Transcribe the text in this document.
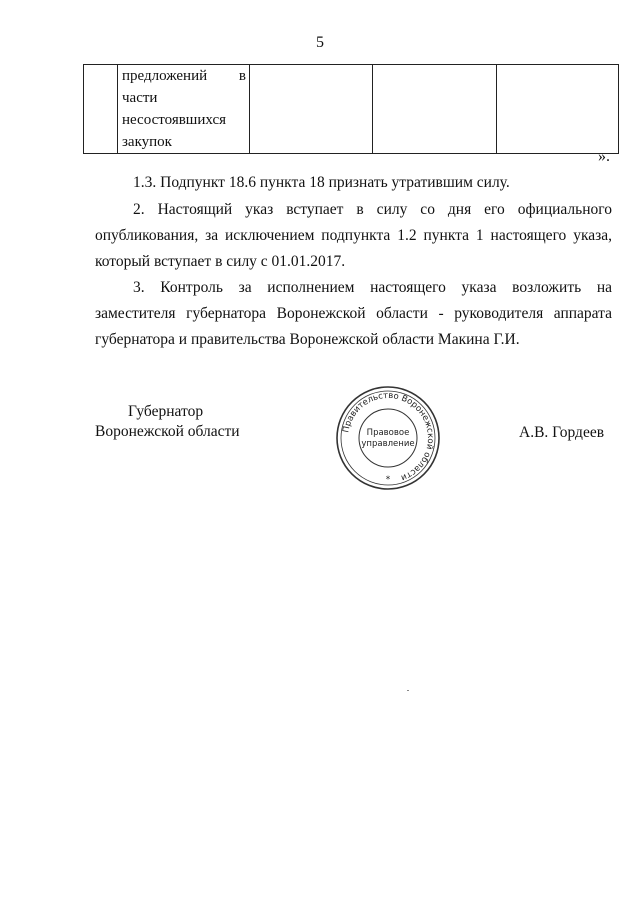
5

предложений в
части
несостоявшихся
закупок

».

1.3. Подпункт 18.6 пункта 18 признать утратившим силу.

2. Настоящий указ вступает в силу со дня его официального опубликования, за исключением подпункта 1.2 пункта 1 настоящего указа, который вступает в силу с 01.01.2017.

3. Контроль за исполнением настоящего указа возложить на заместителя губернатора Воронежской области - руководителя аппарата губернатора и правительства Воронежской области Макина Г.И.

Губернатор
Воронежской области	Правительство Воронежской области
Правовое
управление
*
А.В. Гордеев
